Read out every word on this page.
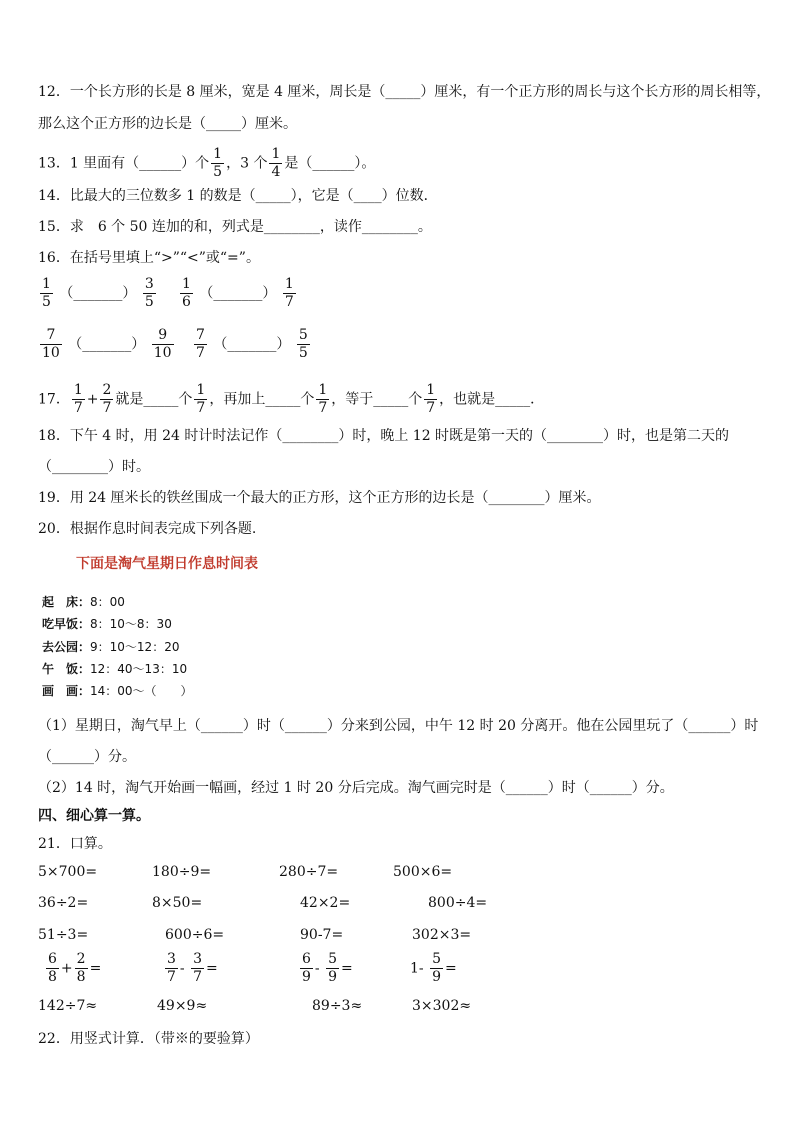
12．一个长方形的长是 8 厘米，宽是 4 厘米，周长是（_____）厘米，有一个正方形的周长与这个长方形的周长相等，
那么这个正方形的边长是（_____）厘米。
13．1 里面有（______）个 $\frac{1}{5}$ ，3 个 $\frac{1}{4}$ 是（______）。
14．比最大的三位数多 1 的数是（_____），它是（____）位数．
15．求　6 个 50 连加的和，列式是________，读作________。
16．在括号里填上“>”“<”或“=”。
$\frac{1}{5}$ （_______） $\frac{3}{5} \frac{1}{6}$ （_______） $\frac{1}{7}$
$\frac{7}{10}$ （_______） $\frac{9}{10} \frac{7}{7}$ （_______） $\frac{5}{5}$
17． $\frac{1}{7} + \frac{2}{7}$ 就是_____个 $\frac{1}{7}$ ，再加上_____个 $\frac{1}{7}$ ，等于_____个 $\frac{1}{7}$ ，也就是_____．
18．下午 4 时，用 24 时计时法记作（________）时，晚上 12 时既是第一天的（________）时，也是第二天的
（________）时。
19．用 24 厘米长的铁丝围成一个最大的正方形，这个正方形的边长是（________）厘米。
20．根据作息时间表完成下列各题.
下面是淘气星期日作息时间表
起　床：8：00
吃早饭：8：10～8：30
去公园：9：10～12：20
午　饭：12：40～13：10
画　画：14：00～（　　）
（1）星期日，淘气早上（______）时（______）分来到公园，中午 12 时 20 分离开。他在公园里玩了（______）时
（______）分。
（2）14 时，淘气开始画一幅画，经过 1 时 20 分后完成。淘气画完时是（______）时（______）分。
四、细心算一算。
21．口算。
5×700=	180÷9=	280÷7=	500×6=
36÷2=	8×50=	42×2=	800÷4=
51÷3=	600÷6=	90-7=	302×3=
$\frac{6}{8} + \frac{2}{8}$ =	$\frac{3}{7} - \frac{3}{7}$ =	$\frac{6}{9} - \frac{5}{9}$ =	$1- \frac{5}{9}$ =
142÷7≈	49×9≈	89÷3≈	3×302≈
22．用竖式计算．（带※的要验算）
